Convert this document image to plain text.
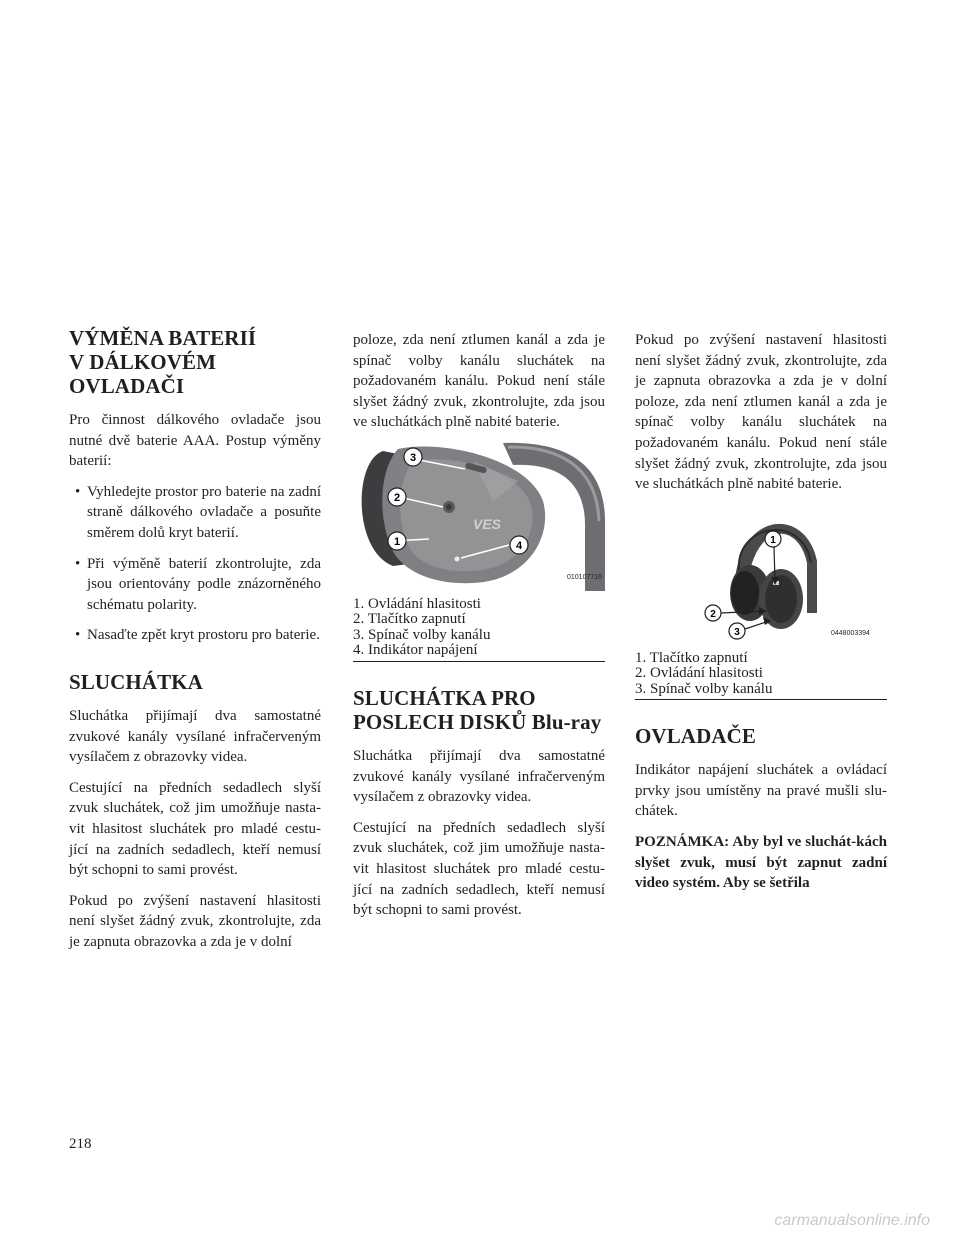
VÝMĚNA BATERIÍ
V DÁLKOVÉM OVLADAČI

Pro činnost dálkového ovladače jsou nutné dvě baterie AAA. Postup výměny baterií:

• Vyhledejte prostor pro baterie na zadní straně dálkového ovladače a posuňte směrem dolů kryt baterií.
• Při výměně baterií zkontrolujte, zda jsou orientovány podle znázorněného schématu polarity.
• Nasaďte zpět kryt prostoru pro baterie.
SLUCHÁTKA

Sluchátka přijímají dva samostatné zvukové kanály vysílané infračerveným vysílačem z obrazovky videa.

Cestující na předních sedadlech slyší zvuk sluchátek, což jim umožňuje nasta-vit hlasitost sluchátek pro mladé cestu-jící na zadních sedadlech, kteří nemusí být schopni to sami provést.

Pokud po zvýšení nastavení hlasitosti není slyšet žádný zvuk, zkontrolujte, zda je zapnuta obrazovka a zda je v dolní

poloze, zda není ztlumen kanál a zda je spínač volby kanálu sluchátek na požadovaném kanálu. Pokud není stále slyšet žádný zvuk, zkontrolujte, zda jsou ve sluchátkách plně nabité baterie.

VES
3
2
1	4
010107716
1. Ovládání hlasitosti
2. Tlačítko zapnutí
3. Spínač volby kanálu
4. Indikátor napájení
SLUCHÁTKA PRO
POSLECH DISKŮ Blu-ray

Sluchátka přijímají dva samostatné zvukové kanály vysílané infračerveným vysílačem z obrazovky videa.

Cestující na předních sedadlech slyší zvuk sluchátek, což jim umožňuje nasta-vit hlasitost sluchátek pro mladé cestu-jící na zadních sedadlech, kteří nemusí být schopni to sami provést.

Pokud po zvýšení nastavení hlasitosti není slyšet žádný zvuk, zkontrolujte, zda je zapnuta obrazovka a zda je v dolní poloze, zda není ztlumen kanál a zda je spínač volby kanálu sluchátek na požadovaném kanálu. Pokud není stále slyšet žádný zvuk, zkontrolujte, zda jsou ve sluchátkách plně nabité baterie.

1
2
3	0448003394
1. Tlačítko zapnutí
2. Ovládání hlasitosti
3. Spínač volby kanálu
OVLADAČE

Indikátor napájení sluchátek a ovládací prvky jsou umístěny na pravé mušli slu-chátek.

POZNÁMKA: Aby byl ve sluchát-kách slyšet zvuk, musí být zapnut zadní video systém. Aby se šetřila

218
carmanualsonline.info
